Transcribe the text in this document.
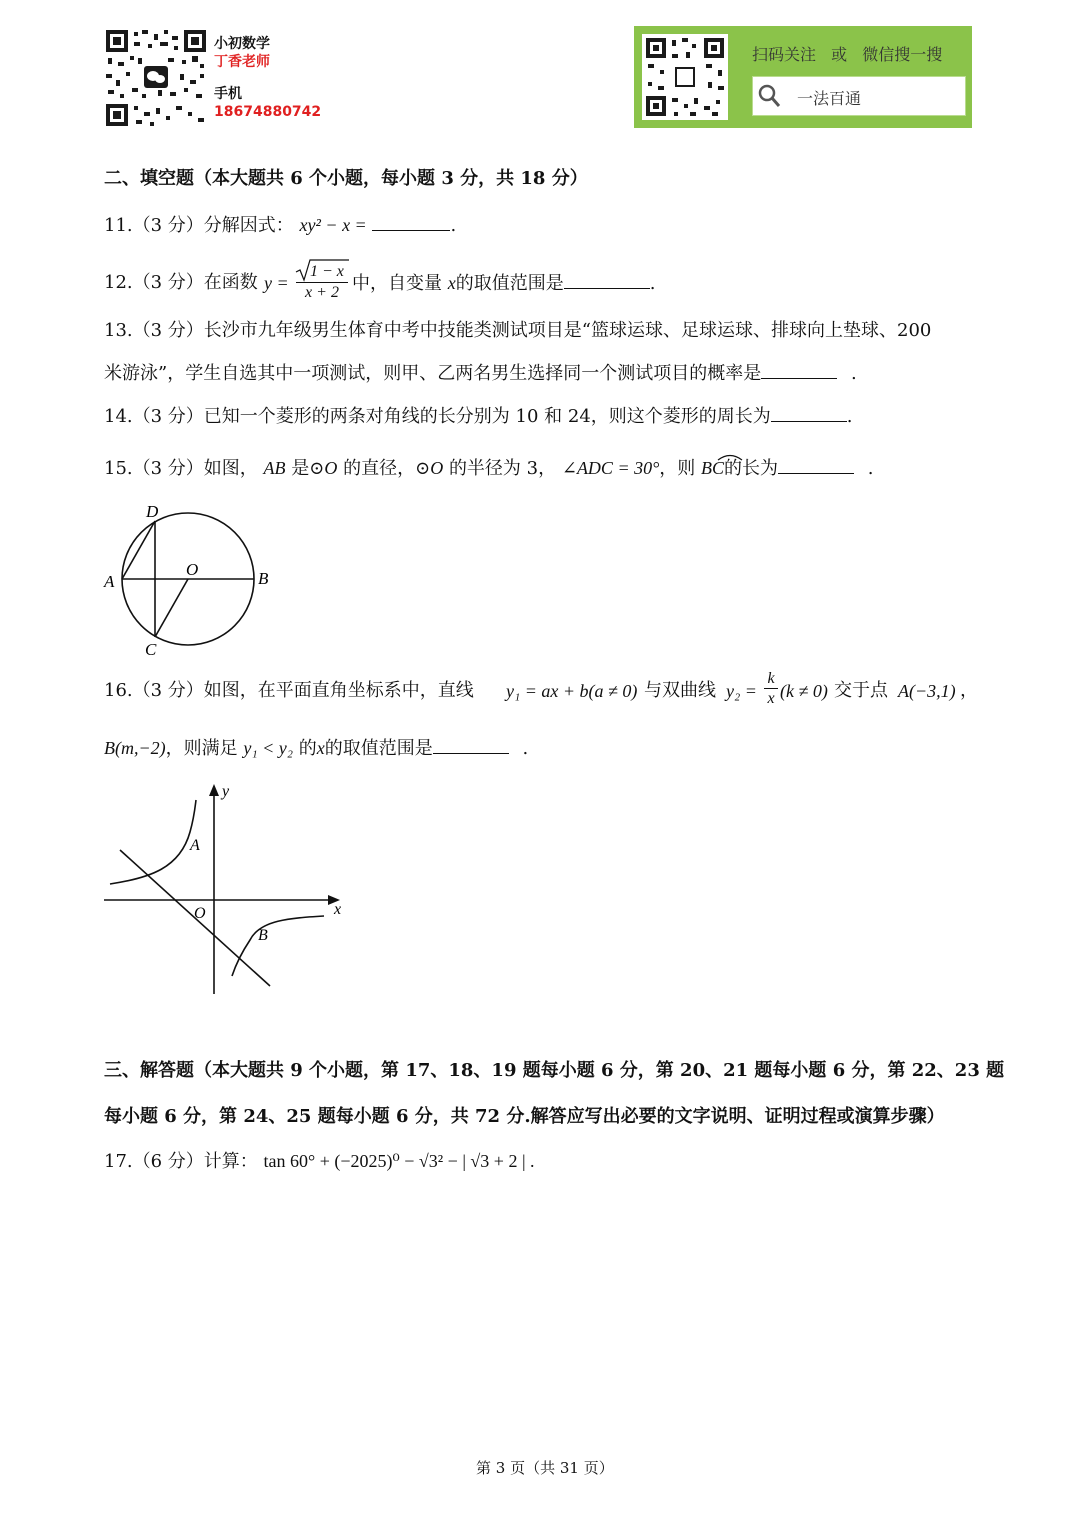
小初数学
丁香老师
手机
18674880742
扫码关注 或 微信搜一搜
一法百通
二、填空题（本大题共 6 个小题，每小题 3 分，共 18 分）
11.（3 分）分解因式： xy² − x =	.
12.（3 分）在函数 y =
1 − x
x + 2 中，自变量 x的取值范围是	.
13.（3 分）长沙市九年级男生体育中考中技能类测试项目是“篮球运球、足球运球、排球向上垫球、200
米游泳”，学生自选其中一项测试，则甲、乙两名男生选择同一个测试项目的概率是	.
14.（3 分）已知一个菱形的两条对角线的长分别为 10 和 24，则这个菱形的周长为	.
15.（3 分）如图， AB 是⊙O 的直径，⊙O 的半径为 3， ∠ADC = 30°，则 BC的长为	.
D
A
O	B
C
16.（3 分）如图，在平面直角坐标系中，直线 y₁ = ax + b(a ≠ 0) 与双曲线 y₂ =
k
x (k ≠ 0) 交于点 A(−3,1) ，
B(m,−2)，则满足 y₁ < y₂ 的x的取值范围是	.
y
A
O	x
B
三、解答题（本大题共 9 个小题，第 17、18、19 题每小题 6 分，第 20、21 题每小题 6 分，第 22、23 题
每小题 6 分，第 24、25 题每小题 6 分，共 72 分.解答应写出必要的文字说明、证明过程或演算步骤）
17.（6 分）计算： tan 60° + (−2025)⁰ − √3² − | √3 + 2 | .
第 3 页（共 31 页）
